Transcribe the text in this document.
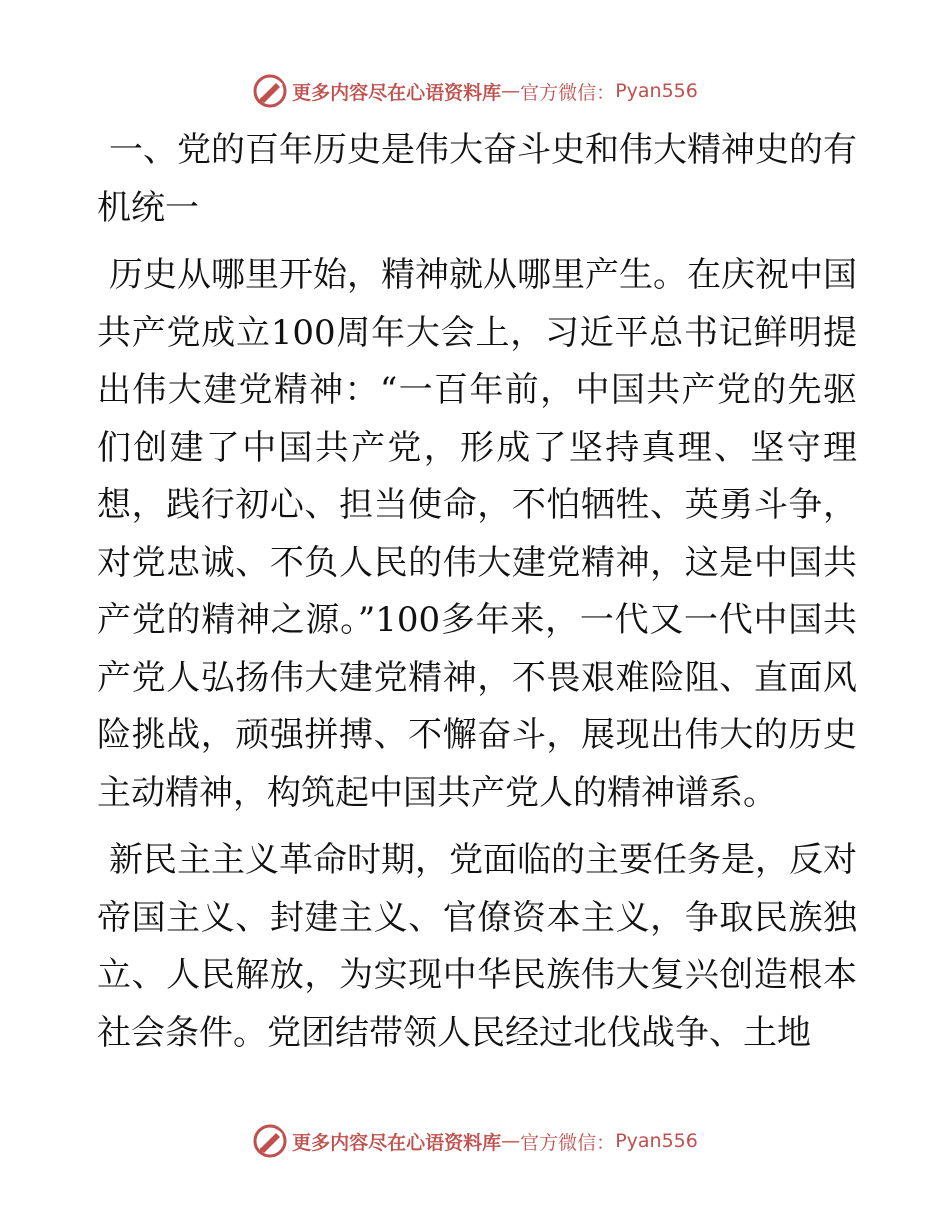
更多内容尽在心语资料库 — 官方微信： Pyan556

一、党的百年历史是伟大奋斗史和伟大精神史的有机统一

历史从哪里开始，精神就从哪里产生。在庆祝中国共产党成立100周年大会上，习近平总书记鲜明提出伟大建党精神：“一百年前，中国共产党的先驱们创建了中国共产党，形成了坚持真理、坚守理想，践行初心、担当使命，不怕牺牲、英勇斗争，对党忠诚、不负人民的伟大建党精神，这是中国共产党的精神之源。”100多年来，一代又一代中国共产党人弘扬伟大建党精神，不畏艰难险阻、直面风险挑战，顽强拼搏、不懈奋斗，展现出伟大的历史主动精神，构筑起中国共产党人的精神谱系。

新民主主义革命时期，党面临的主要任务是，反对帝国主义、封建主义、官僚资本主义，争取民族独立、人民解放，为实现中华民族伟大复兴创造根本社会条件。党团结带领人民经过北伐战争、土地

更多内容尽在心语资料库 — 官方微信： Pyan556
